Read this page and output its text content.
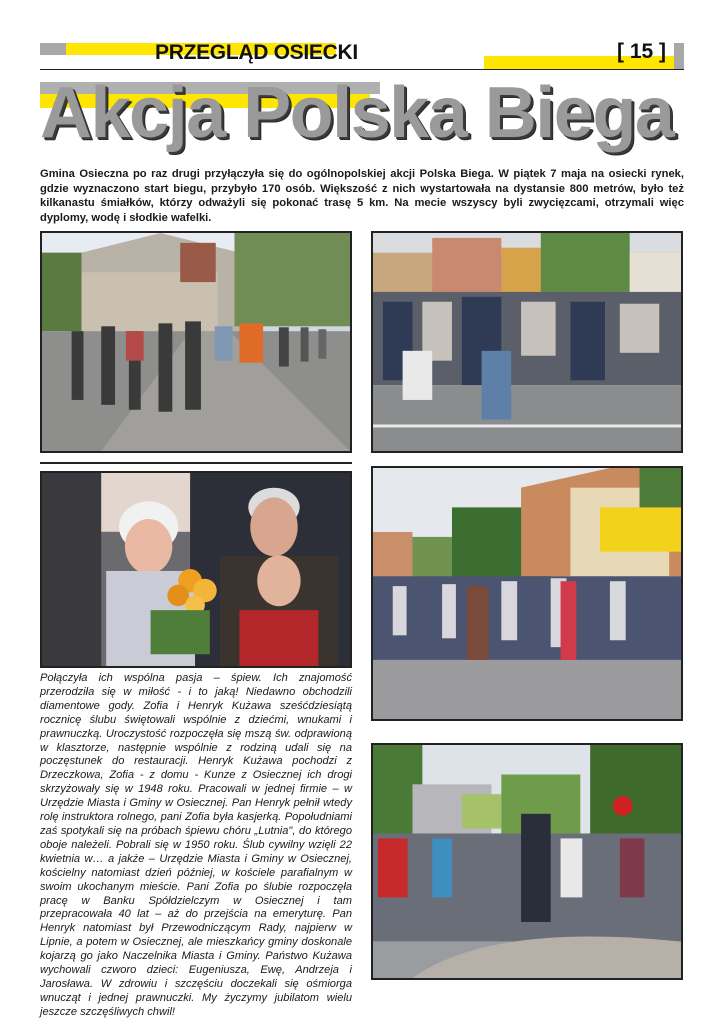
PRZEGLĄD OSIECKI	[ 15 ]
Akcja Polska Biega
Gmina Osieczna po raz drugi przyłączyła się do ogólnopolskiej akcji Polska Biega. W piątek 7 maja na osiecki rynek, gdzie wyznaczono start biegu, przybyło 170 osób. Większość z nich wystartowała na dystansie 800 metrów, było też kilkanastu śmiałków, którzy odważyli się pokonać trasę 5 km. Na mecie wszyscy byli zwycięzcami, otrzymali więc dyplomy, wodę i słodkie wafelki.

Połączyła ich wspólna pasja – śpiew. Ich znajomość przerodziła się w miłość - i to jaką! Niedawno obchodzili diamentowe gody. Zofia i Henryk Kużawa sześćdziesiątą rocznicę ślubu świętowali wspólnie z dziećmi, wnukami i prawnuczką. Uroczystość rozpoczęła się mszą św. odprawioną w klasztorze, następnie wspólnie z rodziną udali się na poczęstunek do restauracji. Henryk Kużawa pochodzi z Drzeczkowa, Zofia - z domu - Kunze z Osiecznej ich drogi skrzyżowały się w 1948 roku. Pracowali w jednej firmie – w Urzędzie Miasta i Gminy w Osiecznej. Pan Henryk pełnił wtedy rolę instruktora rolnego, pani Zofia była kasjerką. Popołudniami zaś spotykali się na próbach śpiewu chóru „Lutnia", do którego oboje należeli. Pobrali się w 1950 roku. Ślub cywilny wzięli 22 kwietnia w… a jakże – Urzędzie Miasta i Gminy w Osiecznej, kościelny natomiast dzień później, w kościele parafialnym w swoim ukochanym mieście. Pani Zofia po ślubie rozpoczęła pracę w Banku Spółdzielczym w Osiecznej i tam przepracowała 40 lat – aż do przejścia na emeryturę. Pan Henryk natomiast był Przewodniczącym Rady, najpierw w Lipnie, a potem w Osiecznej, ale mieszkańcy gminy doskonale kojarzą go jako Naczelnika Miasta i Gminy. Państwo Kużawa wychowali czworo dzieci: Eugeniusza, Ewę, Andrzeja i Jarosława. W zdrowiu i szczęściu doczekali się ośmiorga wnucząt i jednej prawnuczki. My życzymy jubilatom wielu jeszcze szczęśliwych chwil!
